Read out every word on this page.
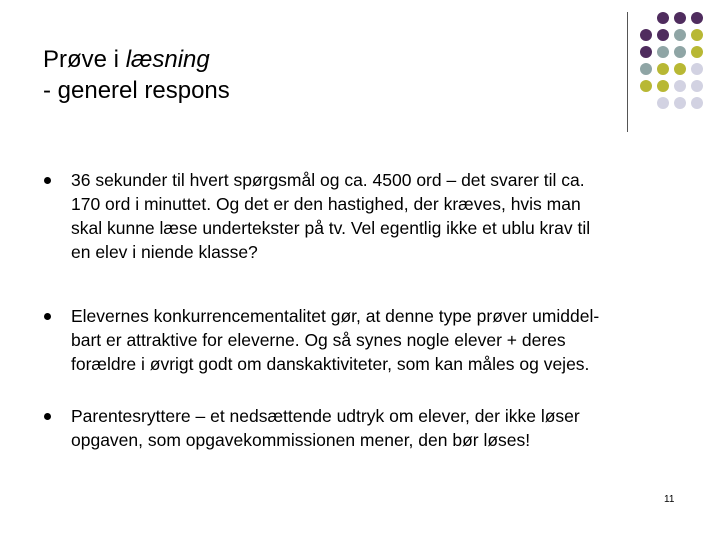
Prøve i læsning
- generel respons
36 sekunder til hvert spørgsmål og ca. 4500 ord – det svarer til ca.
170 ord i minuttet. Og det er den hastighed, der kræves, hvis man
skal kunne læse undertekster på tv. Vel egentlig ikke et ublu krav til
en elev i niende klasse?
Elevernes konkurrencementalitet gør, at denne type prøver umiddel-
bart er attraktive for eleverne. Og så synes nogle elever + deres
forældre i øvrigt godt om danskaktiviteter, som kan måles og vejes.
Parentesryttere – et nedsættende udtryk om elever, der ikke løser
opgaven, som opgavekommissionen mener, den bør løses!
11
